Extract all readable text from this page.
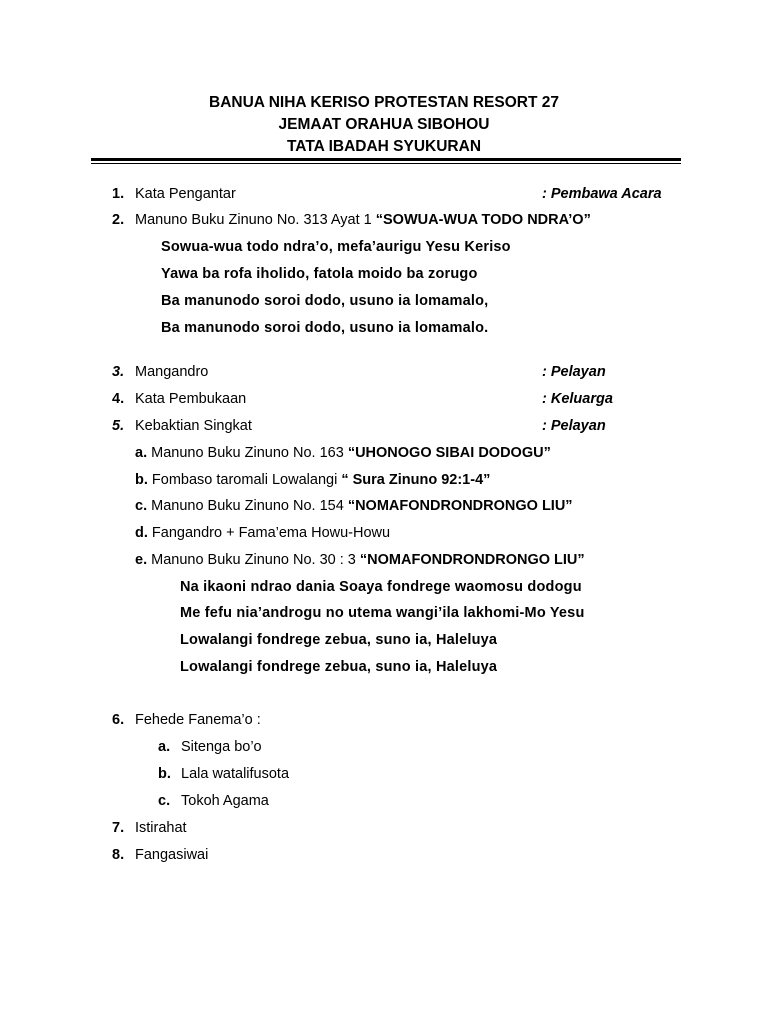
BANUA NIHA KERISO PROTESTAN RESORT 27
JEMAAT ORAHUA SIBOHOU
TATA IBADAH SYUKURAN
1. Kata Pengantar	: Pembawa Acara
2. Manuno Buku Zinuno No. 313 Ayat 1 “SOWUA-WUA TODO NDRA’O”
Sowua-wua todo ndra’o, mefa’aurigu Yesu Keriso
Yawa ba rofa iholido, fatola moido ba zorugo
Ba manunodo soroi dodo, usuno ia lomamalo,
Ba manunodo soroi dodo, usuno ia lomamalo.
3. Mangandro	: Pelayan
4. Kata Pembukaan	: Keluarga
5. Kebaktian Singkat	: Pelayan
a. Manuno Buku Zinuno No. 163 “UHONOGO SIBAI DODOGU”
b. Fombaso taromali Lowalangi “ Sura Zinuno 92:1-4”
c. Manuno Buku Zinuno No. 154 “NOMAFONDRONDRONGO LIU”
d. Fangandro + Fama’ema Howu-Howu
e. Manuno Buku Zinuno No. 30 : 3 “NOMAFONDRONDRONGO LIU”
Na ikaoni ndrao dania Soaya fondrege waomosu dodogu
Me fefu nia’androgu no utema wangi’ila lakhomi-Mo Yesu
Lowalangi fondrege zebua, suno ia, Haleluya
Lowalangi fondrege zebua, suno ia, Haleluya
6. Fehede Fanema’o :
a. Sitenga bo’o
b. Lala watalifusota
c. Tokoh Agama
7. Istirahat
8. Fangasiwai
